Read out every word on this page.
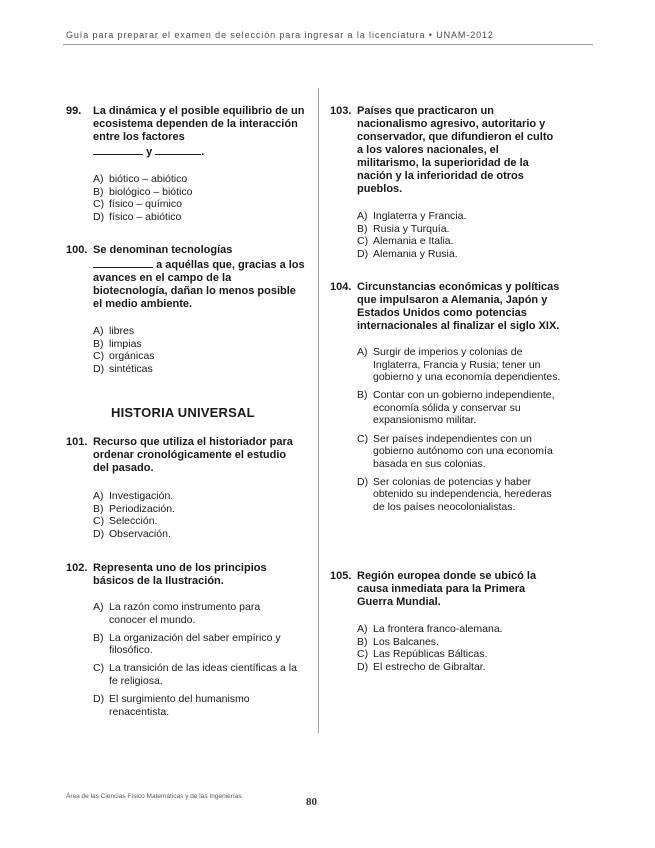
Guía para preparar el examen de selección para ingresar a la licenciatura • UNAM-2012
99. La dinámica y el posible equilibrio de un ecosistema dependen de la interacción entre los factores
y	.
A) biótico – abiótico
B) biológico – biótico
C) físico – químico
D) físico – abiótico
100. Se denominan tecnologías
a aquéllas que, gracias a los avances en el campo de la biotecnología, dañan lo menos posible el medio ambiente.
A) libres
B) limpias
C) orgánicas
D) sintéticas
HISTORIA UNIVERSAL
101. Recurso que utiliza el historiador para ordenar cronológicamente el estudio del pasado.
A) Investigación.
B) Periodización.
C) Selección.
D) Observación.
102. Representa uno de los principios básicos de la Ilustración.
A) La razón como instrumento para conocer el mundo.
B) La organización del saber empírico y filosófico.
C) La transición de las ideas científicas a la fe religiosa.
D) El surgimiento del humanismo renacentista.
103. Países que practicaron un nacionalismo agresivo, autoritario y conservador, que difundieron el culto a los valores nacionales, el militarismo, la superioridad de la nación y la inferioridad de otros pueblos.
A) Inglaterra y Francia.
B) Rusia y Turquía.
C) Alemania e Italia.
D) Alemania y Rusia.
104. Circunstancias económicas y políticas que impulsaron a Alemania, Japón y Estados Unidos como potencias internacionales al finalizar el siglo XIX.
A) Surgir de imperios y colonias de Inglaterra, Francia y Rusia; tener un gobierno y una economía dependientes.
B) Contar con un gobierno independiente, economía sólida y conservar su expansionismo militar.
C) Ser países independientes con un gobierno autónomo con una economía basada en sus colonias.
D) Ser colonias de potencias y haber obtenido su independencia, herederas de los países neocolonialistas.
105. Región europea donde se ubicó la causa inmediata para la Primera Guerra Mundial.
A) La frontera franco-alemana.
B) Los Balcanes.
C) Las Repúblicas Bálticas.
D) El estrecho de Gibraltar.
Área de las Ciencias Físico Matemáticas y de las Ingenierías	80
